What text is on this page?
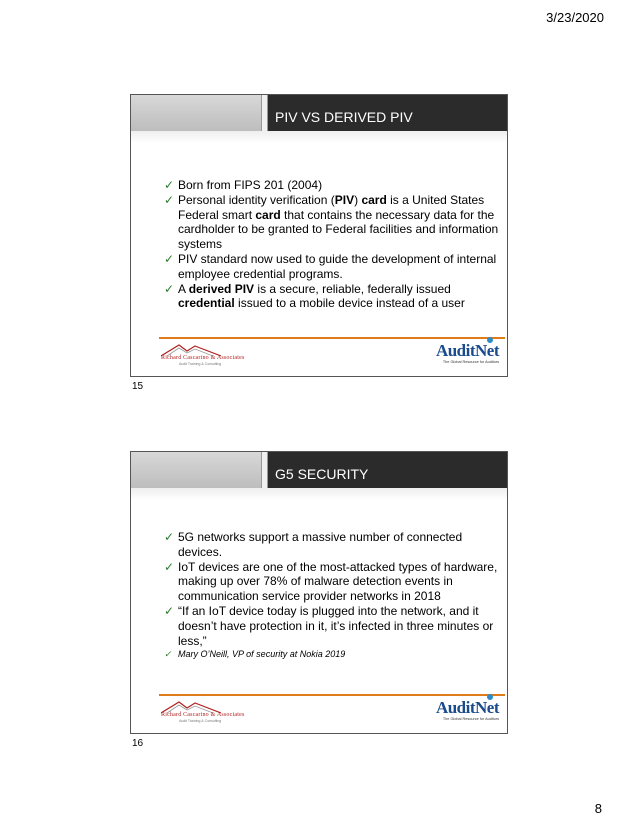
3/23/2020
PIV VS DERIVED PIV
✓ Born from FIPS 201 (2004)
✓ Personal identity verification (PIV) card is a United States Federal smart card that contains the necessary data for the cardholder to be granted to Federal facilities and information systems
✓ PIV standard now used to guide the development of internal employee credential programs.
✓ A derived PIV is a secure, reliable, federally issued credential issued to a mobile device instead of a user
Richard Cascarino & Associates
Audit Training & Consulting
AuditNet
The Global Resource for Auditors
15
G5 SECURITY
✓ 5G networks support a massive number of connected devices.
✓ IoT devices are one of the most-attacked types of hardware, making up over 78% of malware detection events in communication service provider networks in 2018
✓ “If an IoT device today is plugged into the network, and it doesn’t have protection in it, it’s infected in three minutes or less,”
✓ Mary O’Neill, VP of security at Nokia 2019
Richard Cascarino & Associates
Audit Training & Consulting
AuditNet
The Global Resource for Auditors
16
8
